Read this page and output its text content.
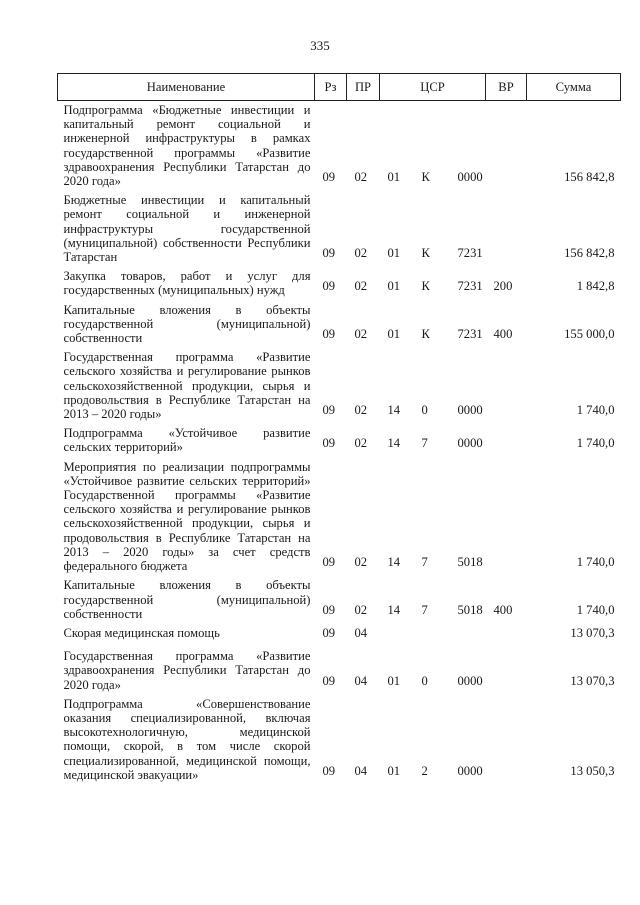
335
Наименование	Рз	ПР	ЦСР			ВР	Сумма
Подпрограмма «Бюджетные инвестиции и капитальный ремонт социальной и инженерной инфраструктуры в рамках государственной программы «Развитие здравоохранения Республики Татарстан до 2020 года»	09	02	01	К	0000		156 842,8
Бюджетные инвестиции и капитальный ремонт социальной и инженерной инфраструктуры государственной (муниципальной) собственности Республики Татарстан	09	02	01	К	7231		156 842,8
Закупка товаров, работ и услуг для государственных (муниципальных) нужд	09	02	01	К	7231	200	1 842,8
Капитальные вложения в объекты государственной (муниципальной) собственности	09	02	01	К	7231	400	155 000,0
Государственная программа «Развитие сельского хозяйства и регулирование рынков сельскохозяйственной продукции, сырья и продовольствия в Республике Татарстан на 2013 – 2020 годы»	09	02	14	0	0000		1 740,0
Подпрограмма «Устойчивое развитие сельских территорий»	09	02	14	7	0000		1 740,0
Мероприятия по реализации подпрограммы «Устойчивое развитие сельских территорий» Государственной программы «Развитие сельского хозяйства и регулирование рынков сельскохозяйственной продукции, сырья и продовольствия в Республике Татарстан на 2013 – 2020 годы» за счет средств федерального бюджета	09	02	14	7	5018		1 740,0
Капитальные вложения в объекты государственной (муниципальной) собственности	09	02	14	7	5018	400	1 740,0
Скорая медицинская помощь	09	04					13 070,3
Государственная программа «Развитие здравоохранения Республики Татарстан до 2020 года»	09	04	01	0	0000		13 070,3
Подпрограмма «Совершенствование оказания специализированной, включая высокотехнологичную, медицинской помощи, скорой, в том числе скорой специализированной, медицинской помощи, медицинской эвакуации»	09	04	01	2	0000		13 050,3
